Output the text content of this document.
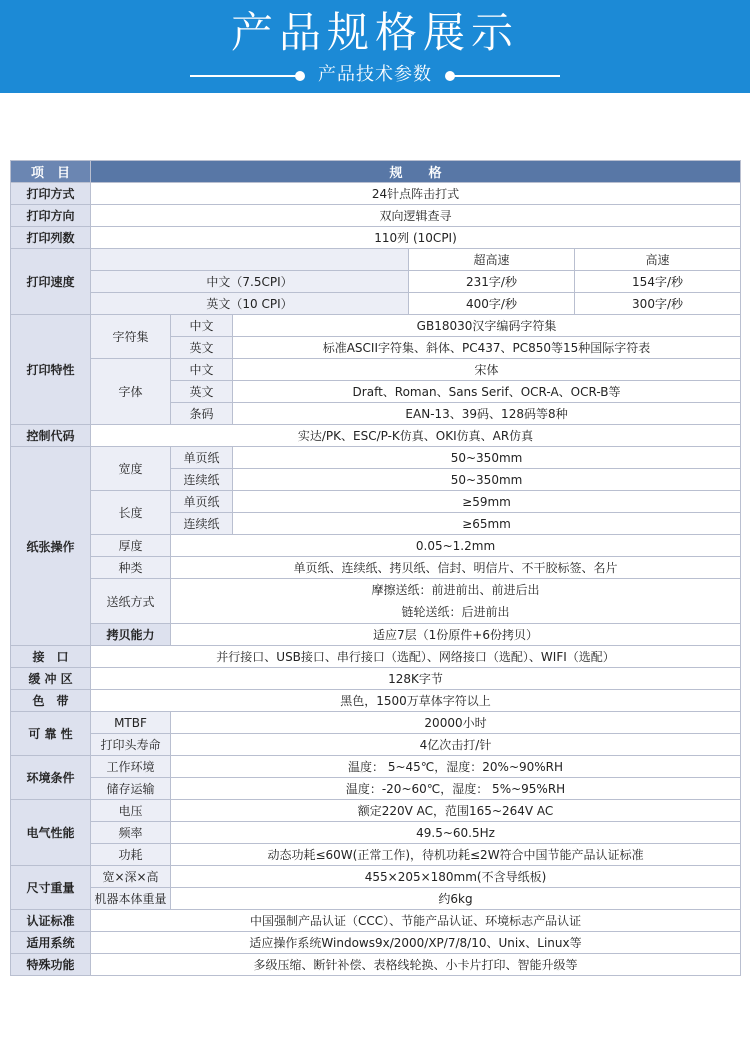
产品规格展示
产品技术参数
项　目	规　　格					
打印方式	24针点阵击打式					
打印方向	双向逻辑查寻					
打印列数	110列 (10CPI)					
打印速度				超高速	高速	
	中文（7.5CPI）			231字/秒	154字/秒	
	英文（10 CPI）			400字/秒	300字/秒	
打印特性	字符集	中文	GB18030汉字编码字符集			
		英文	标准ASCII字符集、斜体、PC437、PC850等15种国际字符表			
	字体	中文	宋体			
		英文	Draft、Roman、Sans Serif、OCR-A、OCR-B等			
		条码	EAN-13、39码、128码等8种			
控制代码	实达/PK、ESC/P-K仿真、OKI仿真、AR仿真					
纸张操作	宽度	单页纸	50~350mm			
		连续纸	50~350mm			
	长度	单页纸	≥59mm			
		连续纸	≥65mm			
	厚度	0.05~1.2mm				
	种类	单页纸、连续纸、拷贝纸、信封、明信片、不干胶标签、名片				
	送纸方式	摩擦送纸：前进前出、前进后出
链轮送纸：后进前出				

	拷贝能力	适应7层（1份原件+6份拷贝）				
接　口	并行接口、USB接口、串行接口（选配）、网络接口（选配）、WIFI（选配）					
缓 冲 区	128K字节					
色　带	黑色，1500万草体字符以上					
可 靠 性	MTBF	20000小时				
	打印头寿命	4亿次击打/针				
环境条件	工作环境	温度： 5~45℃，湿度：20%~90%RH				
	储存运输	温度：-20~60℃，湿度： 5%~95%RH				
电气性能	电压	额定220V AC，范围165~264V AC				
	频率	49.5~60.5Hz				
	功耗	动态功耗≤60W(正常工作)，待机功耗≤2W符合中国节能产品认证标准				
尺寸重量	宽×深×高	455×205×180mm(不含导纸板)				
	机器本体重量	约6kg				
认证标准	中国强制产品认证（CCC）、节能产品认证、环境标志产品认证					
适用系统	适应操作系统Windows9x/2000/XP/7/8/10、Unix、Linux等					
特殊功能	多级压缩、断针补偿、表格线轮换、小卡片打印、智能升级等					
